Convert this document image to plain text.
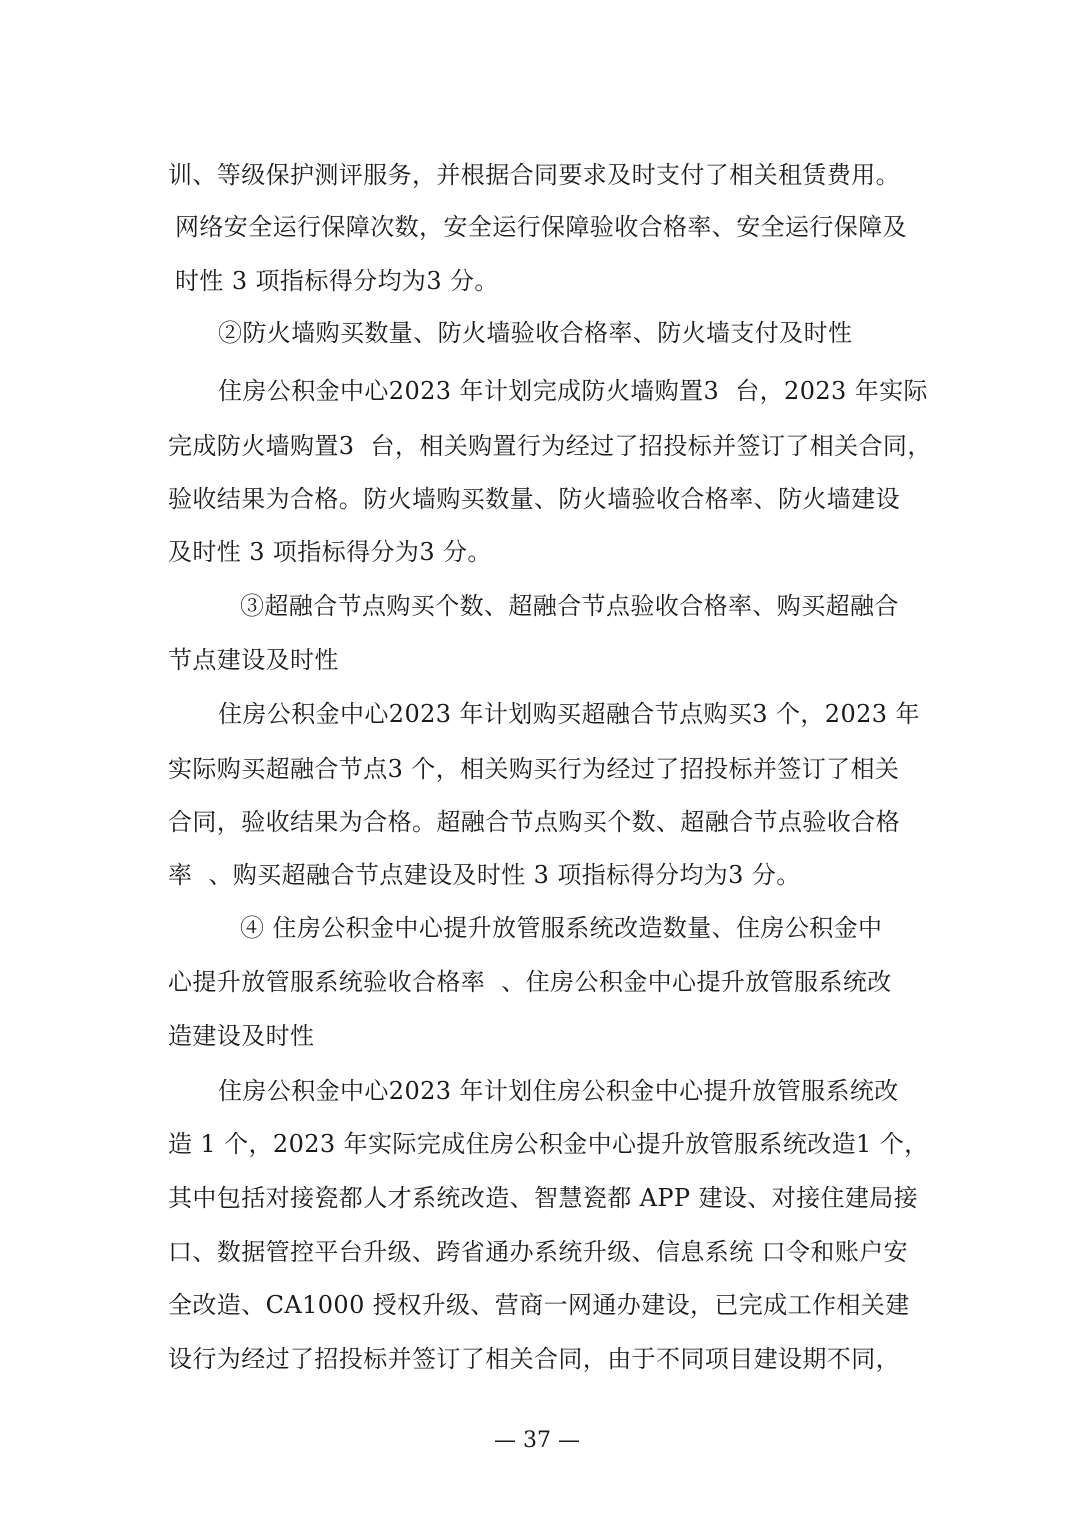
训、等级保护测评服务，并根据合同要求及时支付了相关租赁费用。
网络安全运行保障次数，安全运行保障验收合格率、安全运行保障及
时性 3 项指标得分均为3 分。
②防火墙购买数量、防火墙验收合格率、防火墙支付及时性
住房公积金中心2023 年计划完成防火墙购置3  台，2023 年实际
完成防火墙购置3  台，相关购置行为经过了招投标并签订了相关合同，
验收结果为合格。防火墙购买数量、防火墙验收合格率、防火墙建设
及时性 3 项指标得分为3 分。
③超融合节点购买个数、超融合节点验收合格率、购买超融合
节点建设及时性
住房公积金中心2023 年计划购买超融合节点购买3 个，2023 年
实际购买超融合节点3 个，相关购买行为经过了招投标并签订了相关
合同，验收结果为合格。超融合节点购买个数、超融合节点验收合格
率  、购买超融合节点建设及时性 3 项指标得分均为3 分。
④ 住房公积金中心提升放管服系统改造数量、住房公积金中
心提升放管服系统验收合格率  、住房公积金中心提升放管服系统改
造建设及时性
住房公积金中心2023 年计划住房公积金中心提升放管服系统改
造 1 个，2023 年实际完成住房公积金中心提升放管服系统改造1 个，
其中包括对接瓷都人才系统改造、智慧瓷都 APP 建设、对接住建局接
口、数据管控平台升级、跨省通办系统升级、信息系统 口令和账户安
全改造、CA1000 授权升级、营商一网通办建设，已完成工作相关建
设行为经过了招投标并签订了相关合同，由于不同项目建设期不同，
— 37 —
